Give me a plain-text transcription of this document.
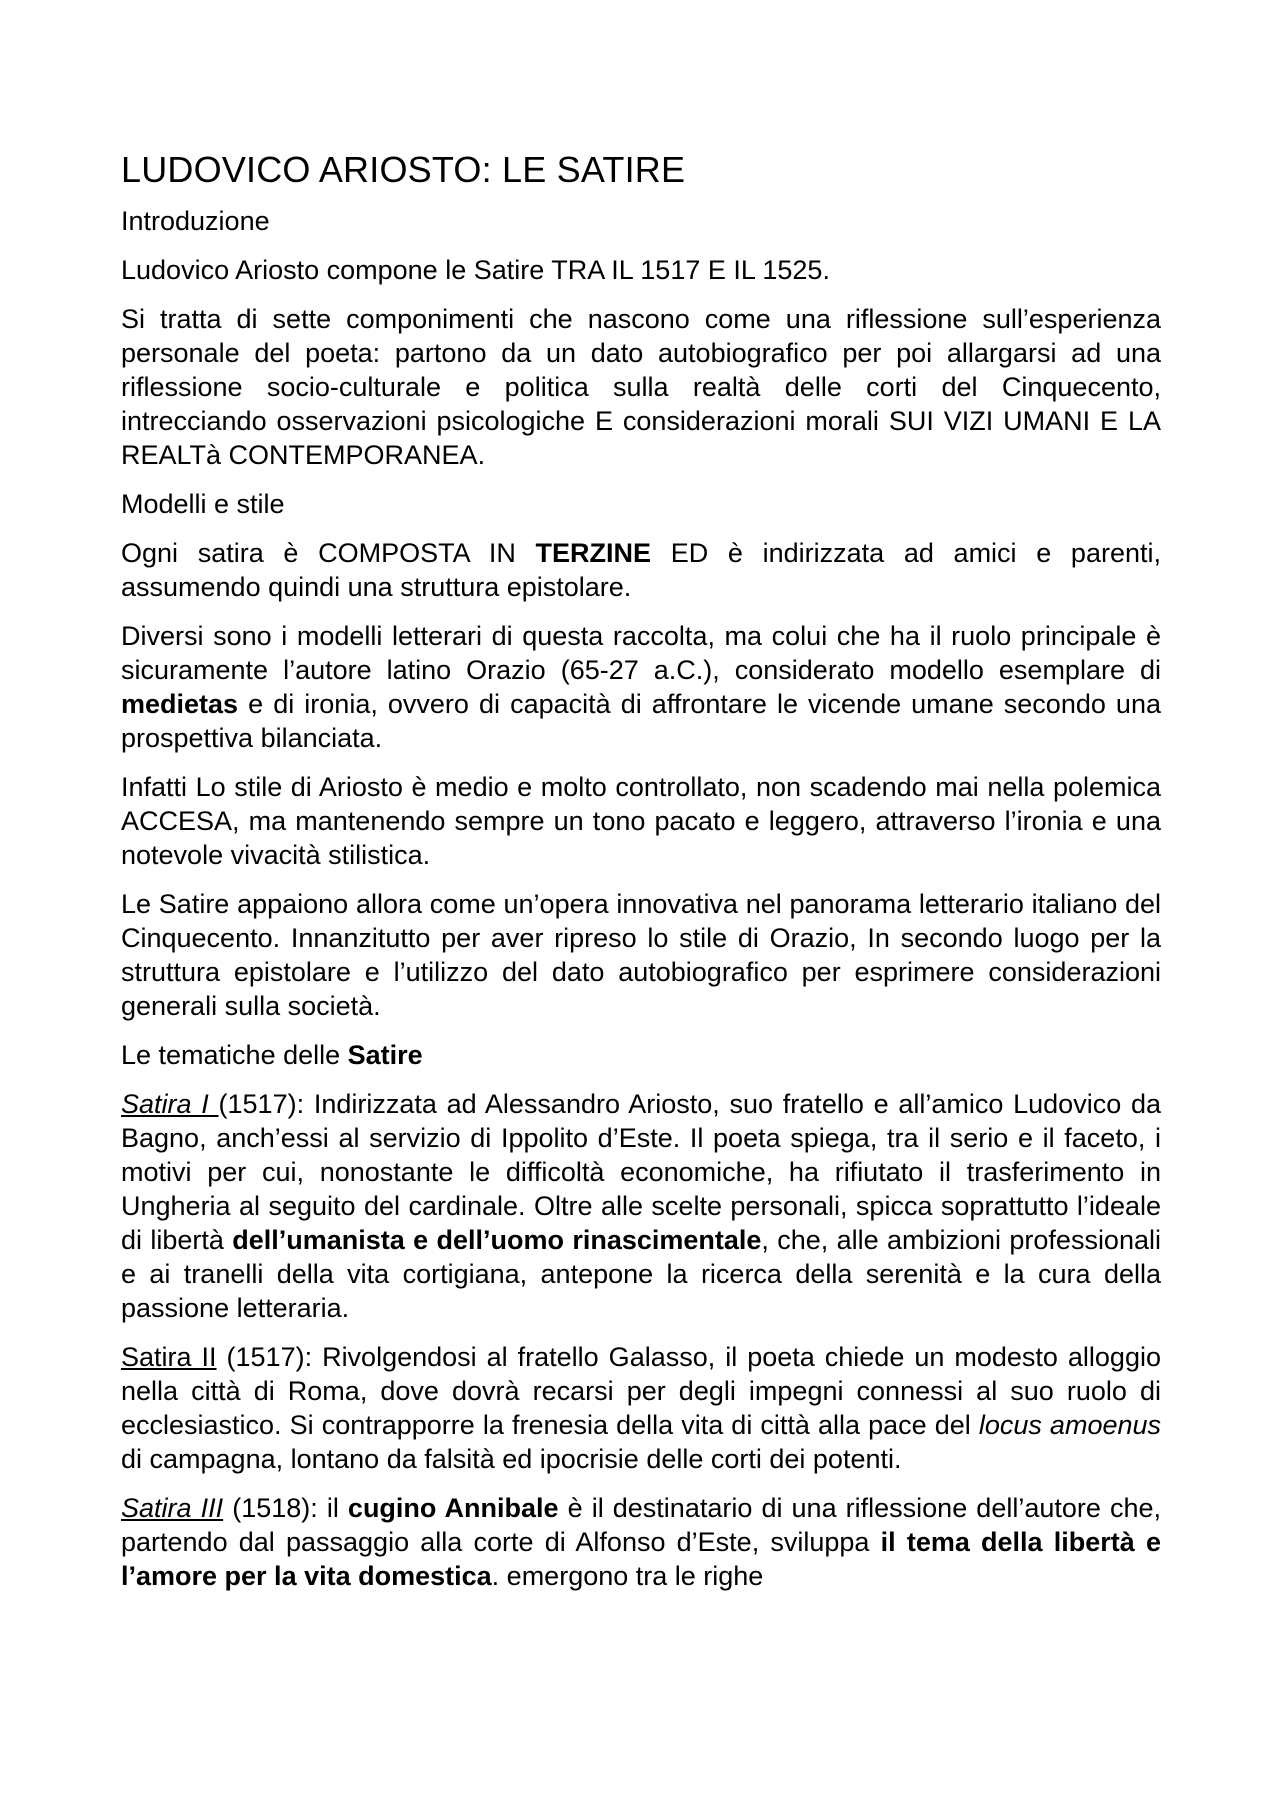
LUDOVICO ARIOSTO: LE SATIRE

Introduzione

Ludovico Ariosto compone le Satire TRA IL 1517 E IL 1525.

Si tratta di sette componimenti che nascono come una riflessione sull’esperienza personale del poeta: partono da un dato autobiografico per poi allargarsi ad una riflessione socio-culturale e politica sulla realtà delle corti del Cinquecento, intrecciando osservazioni psicologiche E considerazioni morali SUI VIZI UMANI E LA REALTà CONTEMPORANEA.

Modelli e stile

Ogni satira è COMPOSTA IN TERZINE ED è indirizzata ad amici e parenti, assumendo quindi una struttura epistolare.

Diversi sono i modelli letterari di questa raccolta, ma colui che ha il ruolo principale è sicuramente l’autore latino Orazio (65-27 a.C.), considerato modello esemplare di medietas e di ironia, ovvero di capacità di affrontare le vicende umane secondo una prospettiva bilanciata.

Infatti Lo stile di Ariosto è medio e molto controllato, non scadendo mai nella polemica ACCESA, ma mantenendo sempre un tono pacato e leggero, attraverso l’ironia e una notevole vivacità stilistica.

Le Satire appaiono allora come un’opera innovativa nel panorama letterario italiano del Cinquecento. Innanzitutto per aver ripreso lo stile di Orazio, In secondo luogo per la struttura epistolare e l’utilizzo del dato autobiografico per esprimere considerazioni generali sulla società.

Le tematiche delle Satire

Satira I (1517): Indirizzata ad Alessandro Ariosto, suo fratello e all’amico Ludovico da Bagno, anch’essi al servizio di Ippolito d’Este. Il poeta spiega, tra il serio e il faceto, i motivi per cui, nonostante le difficoltà economiche, ha rifiutato il trasferimento in Ungheria al seguito del cardinale. Oltre alle scelte personali, spicca soprattutto l’ideale di libertà dell’umanista e dell’uomo rinascimentale, che, alle ambizioni professionali e ai tranelli della vita cortigiana, antepone la ricerca della serenità e la cura della passione letteraria.

Satira II (1517): Rivolgendosi al fratello Galasso, il poeta chiede un modesto alloggio nella città di Roma, dove dovrà recarsi per degli impegni connessi al suo ruolo di ecclesiastico. Si contrapporre la frenesia della vita di città alla pace del locus amoenus di campagna, lontano da falsità ed ipocrisie delle corti dei potenti.

Satira III (1518): il cugino Annibale è il destinatario di una riflessione dell’autore che, partendo dal passaggio alla corte di Alfonso d’Este, sviluppa il tema della libertà e l’amore per la vita domestica. emergono tra le righe
